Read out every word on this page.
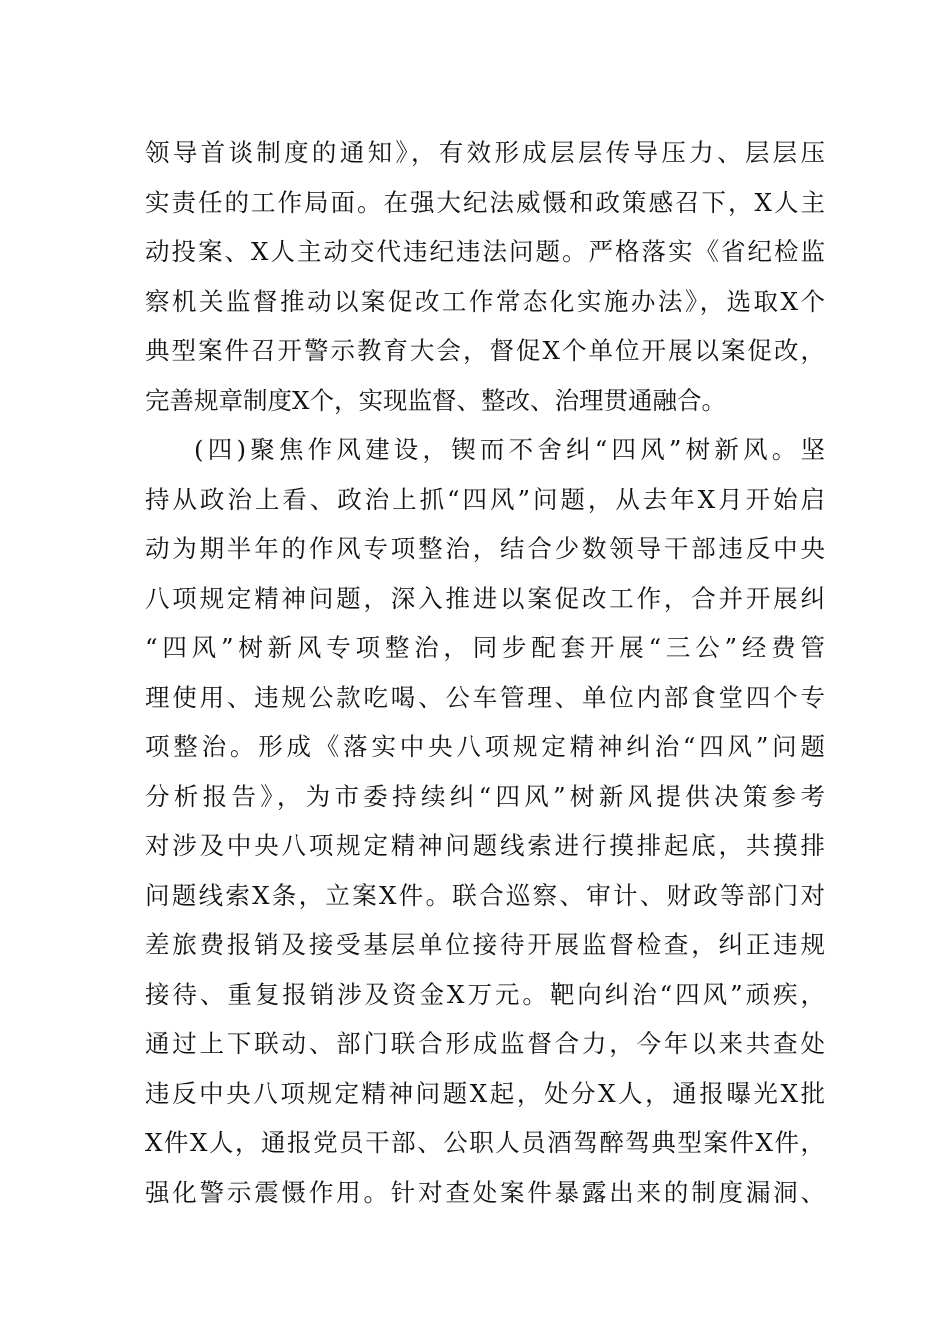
领导首谈制度的通知》，有效形成层层传导压力、层层压
实责任的工作局面。在强大纪法威慑和政策感召下，X人主
动投案、X人主动交代违纪违法问题。严格落实《省纪检监
察机关监督推动以案促改工作常态化实施办法》，选取X个
典型案件召开警示教育大会，督促X个单位开展以案促改，
完善规章制度X个，实现监督、整改、治理贯通融合。
(四)聚焦作风建设，锲而不舍纠“四风”树新风。坚
持从政治上看、政治上抓“四风”问题，从去年X月开始启
动为期半年的作风专项整治，结合少数领导干部违反中央
八项规定精神问题，深入推进以案促改工作，合并开展纠
“四风”树新风专项整治，同步配套开展“三公”经费管
理使用、违规公款吃喝、公车管理、单位内部食堂四个专
项整治。形成《落实中央八项规定精神纠治“四风”问题
分析报告》，为市委持续纠“四风”树新风提供决策参考
对涉及中央八项规定精神问题线索进行摸排起底，共摸排
问题线索X条，立案X件。联合巡察、审计、财政等部门对
差旅费报销及接受基层单位接待开展监督检查，纠正违规
接待、重复报销涉及资金X万元。靶向纠治“四风”顽疾，
通过上下联动、部门联合形成监督合力，今年以来共查处
违反中央八项规定精神问题X起，处分X人，通报曝光X批
X件X人，通报党员干部、公职人员酒驾醉驾典型案件X件，
强化警示震慑作用。针对查处案件暴露出来的制度漏洞、
